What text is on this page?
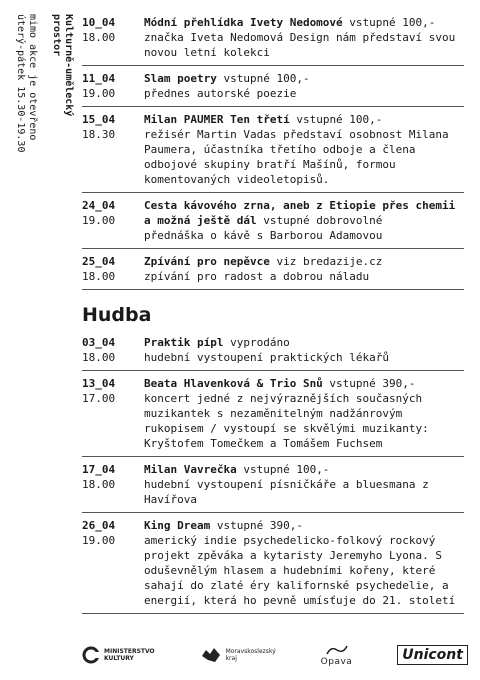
Kulturně-umělecký
prostor
mimo akce je otevřeno
úterý-pátek 15.30-19.30	10_04
18.00
Módní přehlídka Ivety Nedomové vstupné 100,-
značka Iveta Nedomová Design nám představí svou novou letní kolekci
11_04
19.00
Slam poetry vstupné 100,-
přednes autorské poezie
15_04
18.30
Milan PAUMER Ten třetí vstupné 100,-
režisér Martin Vadas představí osobnost Milana Paumera, účastníka třetího odboje a člena odbojové skupiny bratří Mašínů, formou komentovaných videoletopisů.
24_04
19.00
Cesta kávového zrna, aneb z Etiopie přes chemii a možná ještě dál vstupné dobrovolné
přednáška o kávě s Barborou Adamovou
25_04
18.00
Zpívání pro nepěvce viz bredazije.cz
zpívání pro radost a dobrou náladu
Hudba
03_04
18.00
Praktik pípl vyprodáno
hudební vystoupení praktických lékařů
13_04
17.00
Beata Hlavenková & Trio Snů vstupné 390,-
koncert jedné z nejvýraznějších současných muzikantek s nezaměnitelným nadžánrovým rukopisem / vystoupí se skvělými muzikanty: Kryštofem Tomečkem a Tomášem Fuchsem
17_04
18.00
Milan Vavrečka vstupné 100,-
hudební vystoupení písničkáře a bluesmana z Havířova
26_04
19.00
King Dream vstupné 390,-
americký indie psychedelicko-folkový rockový projekt zpěváka a kytaristy Jeremyho Lyona. S oduševnělým hlasem a hudebními kořeny, které sahají do zlaté éry kalifornské psychedelie, a energií, která ho pevně umísťuje do 21. století
MINISTERSTVO
KULTURY
Moravskoslezský
kraj	Opava	Unicont
